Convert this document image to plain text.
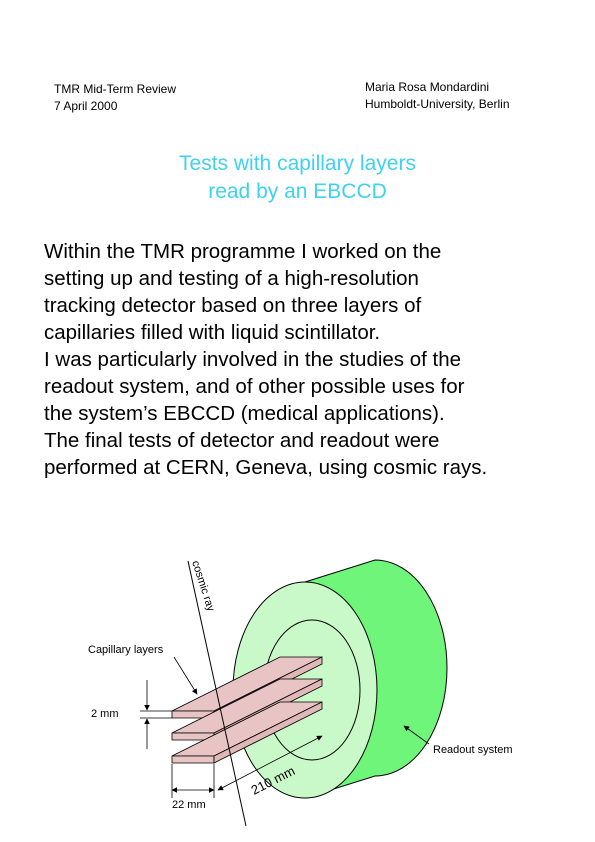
TMR Mid-Term Review
7 April 2000
Maria Rosa Mondardini
Humboldt-University, Berlin
Tests with capillary layers
read by an EBCCD
Within the TMR programme I worked on the
setting up and testing of a high-resolution
tracking detector based on three layers of
capillaries filled with liquid scintillator.
I was particularly involved in the studies of the
readout system, and of other possible uses for
the system’s EBCCD (medical applications).
The final tests of detector and readout were
performed at CERN, Geneva, using cosmic rays.
cosmic ray
Capillary layers
2 mm
22 mm
210 mm
Readout system
